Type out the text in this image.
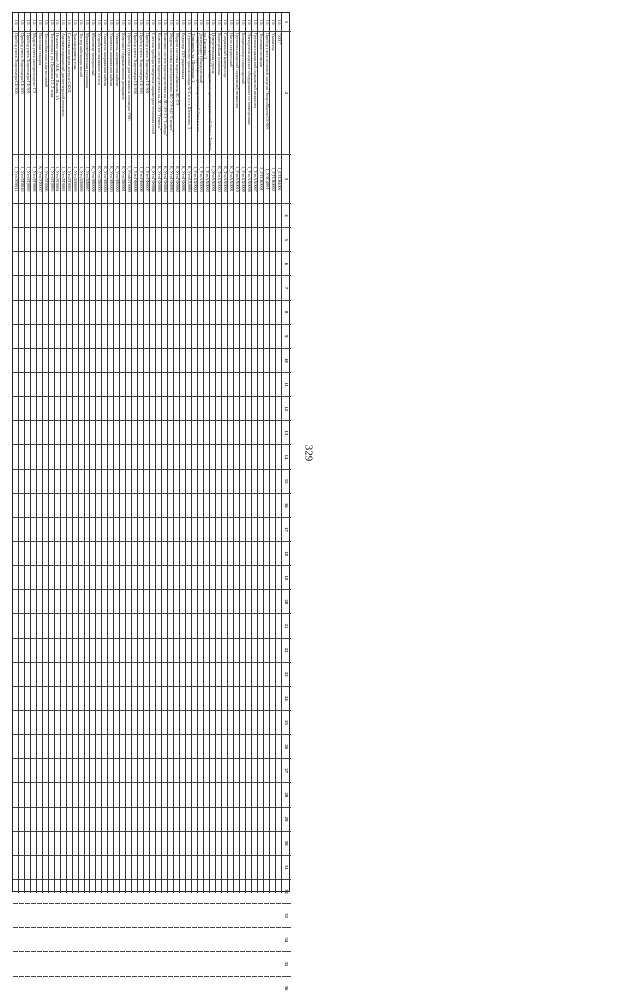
329
1
2
3
4
5
6
7
8
9
10
11
12
13
14
15
16
17
18
19
20
21
22
23
24
25
26
27
28
29
30
31
32
33
34
35
36
1.6
"АТС"
1_СТСВ4001
1.6
Указатель
1_УТСВ0002
1.6
Прибор учета тепловой энергии ЭнергоМагия СЕ-005
1_УТС4001
1.6
Тепловая изоляция
2_УТСВ0001
1.6
Грузопассажирский подъемный механизм
1_УтпАХ0007
1.6
Электротехническое оборудование по помещениям
1_УтпАХ0008
1.6
Кондиционер стационарный
1_УтпАХ0009
1.6
Грузопассажирский подъемный механизм
1_УтпАХ0010
1.6
Насос секционный
К_ТпгАХ0001
1.6
Спиральный компрессор
К_ТпгАХ0002
1.6
Водогрейная установка
К_ТпгАХ0003
1.6
Измерительная группа
L_УпгАХ0001
1.6
Административное сооружение производственной базы г. Тюмень, ул. Гастелло, 5
1_УтпАХ0002
1.6
Электрощит Объединенный
1_УтпАХ0003
1.6
Сооружения территории производственной базы в п.г.т. Тимирязев, ул. Шевченко, 2
1_УтпАХ0004
1.6
Строительство здания склада № 6 в п.г.т. Шевченко, 3
К_УтпАХ0005
1.6
Редуктор УАЗ-радиоканал
К_УтпГФ0001
1.6
Модули системы водоснабжения ЛС-ТЭ
К_УтпГФ0002
1.6
Модули системы водоподготовки ПС-УЭ-АП "Стимул"
К_УтпГФ0003
1.6
Комплекс систем водоподготовки на ЛС-ЭЭ-ТЭ "Сибирь"
К_УтпГФ0004
1.6
Комплекс систем водоподготовки на ЛС-ЭЭ "Тюмень"
К_УтпГФ0005
1.6
Счетчик прибора измерения параметров тепловых сетей
К_УтпГФ0006
1.6
Прибор учета Энергомера СЕ-301
1_УтпГФ0007
1.6
Прибор учета Энергомера СЕ-303
1_УтпГФ0008
1.6
Прибор учета Энергомера СЕ-304
1_УтпГФ0009
1.6
Прибор установки для испытания изоляции УКС
1_УтпЮТ0009
1.6
Комплект гидравлических домкратов
К_УтпЭЛ0001
1.6
Указатель напряжения кабеля
К_УтпЭЛ0002
1.6
Указатель напряжения кабеля
К_УтпЭЛ0003
1.6
Указатель напряжения кабеля
К_УтпЭЛ0004
1.6
Устройство вытяжное отсоса
К_УтпЭЛ0005
1.6
Манометр электронный
К_УтпЭЛ0006
1.6
Мультиметрическая установка
1_УтпЭЛ0007
1.6
Тестер кабельных линий
1_УтпЭЛ0008
1.6
Трансформатор тока
1_УтпЭЛ0009
1.6
Система контроля доступа СКУД
1_УтпЭТ0002
1.6
Автоматизированный диспетчерский комплекс
1_УтпЭТ0003
1.6
Нежилое здание АБК, ул. Пышма, 3А
1_УтпЭТ0004
1.6
Теплопункт, ул. Пушкина 13, 2 этаж
1_УтпЭТ0005
1.6
Теплообменник пластинчатый
1_УтпЭТ0006
1.6
Насосная станция
К_УтпЭТ0007
1.6
Модуль учета электроэнергии ТЭ
1_УтпЭТ0008
1.6
Прибор учета Энергомера СЕ-301
1_УтпЭТ0009
1.6
Прибор учета Энергомера СЕ-303
1_УтпЭТ0010
1.6
Прибор учета Энергомера СЕ-305
1_УтпЭТ0011
